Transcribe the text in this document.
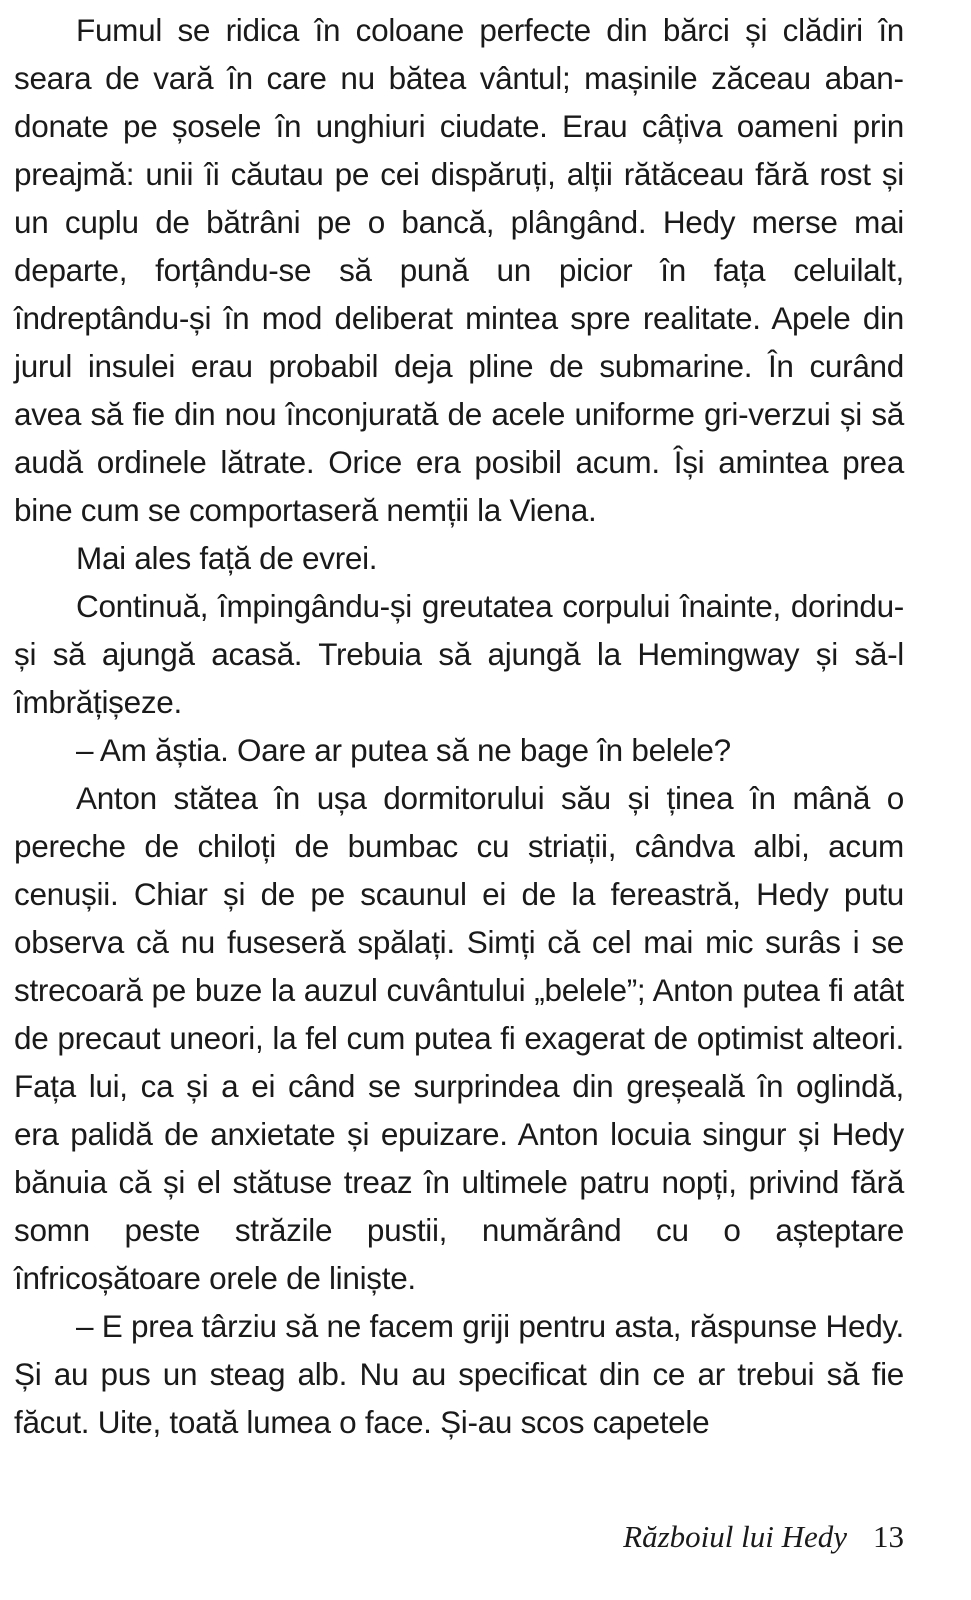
Fumul se ridica în coloane perfecte din bărci și clădiri în seara de vară în care nu bătea vântul; mașinile zăceau abandonate pe șosele în unghiuri ciudate. Erau câțiva oameni prin preajmă: unii îi căutau pe cei dispăruți, alții rătăceau fără rost și un cuplu de bătrâni pe o bancă, plângând. Hedy merse mai departe, forțându-se să pună un picior în fața celuilalt, îndreptându-și în mod deliberat mintea spre realitate. Apele din jurul insulei erau probabil deja pline de submarine. În curând avea să fie din nou înconjurată de acele uniforme gri-verzui și să audă ordinele lătrate. Orice era posibil acum. Își amintea prea bine cum se comportaseră nemții la Viena.

Mai ales față de evrei.

Continuă, împingându-și greutatea corpului înainte, dorindu-și să ajungă acasă. Trebuia să ajungă la Hemingway și să-l îmbrățișeze.

– Am ăștia. Oare ar putea să ne bage în belele?

Anton stătea în ușa dormitorului său și ținea în mână o pereche de chiloți de bumbac cu striații, cândva albi, acum cenușii. Chiar și de pe scaunul ei de la fereastră, Hedy putu observa că nu fuseseră spălați. Simți că cel mai mic surâs i se strecoară pe buze la auzul cuvântului „belele”; Anton putea fi atât de precaut uneori, la fel cum putea fi exagerat de optimist alteori. Fața lui, ca și a ei când se surprindea din greșeală în oglindă, era palidă de anxietate și epuizare. Anton locuia singur și Hedy bănuia că și el stătuse treaz în ultimele patru nopți, privind fără somn peste străzile pustii, numărând cu o așteptare înfricoșătoare orele de liniște.

– E prea târziu să ne facem griji pentru asta, răspunse Hedy. Și au pus un steag alb. Nu au specificat din ce ar trebui să fie făcut. Uite, toată lumea o face. Și-au scos capetele

Războiul lui Hedy 13
